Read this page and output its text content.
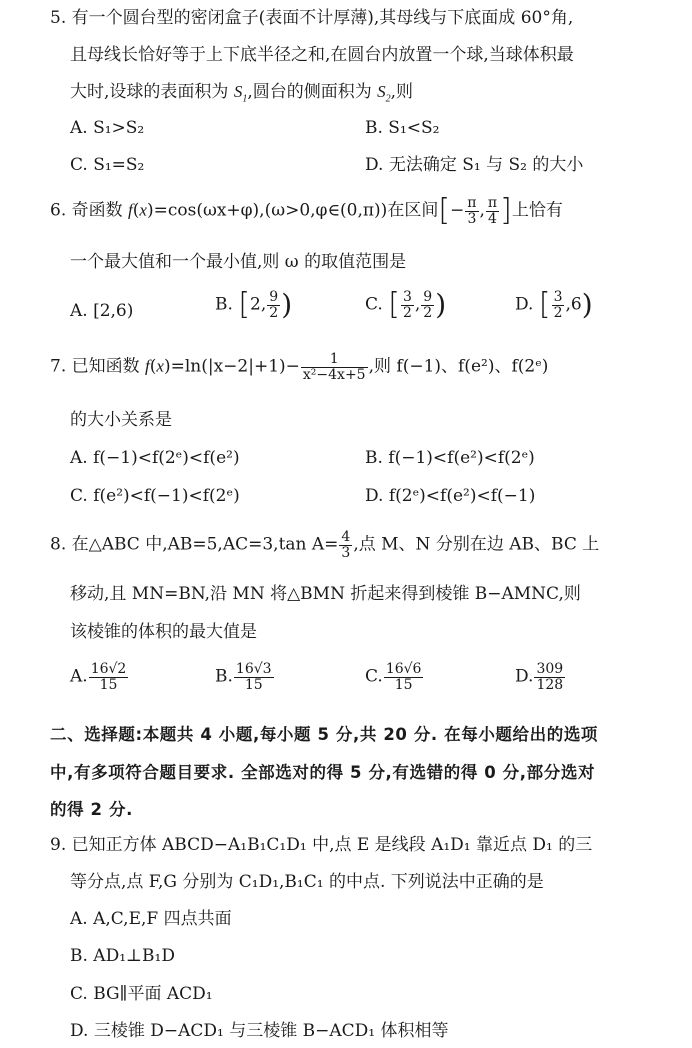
5. 有一个圆台型的密闭盒子(表面不计厚薄),其母线与下底面成 60°角,
且母线长恰好等于上下底半径之和,在圆台内放置一个球,当球体积最
大时,设球的表面积为 $S_1$,圆台的侧面积为 $S_2$,则
A. S₁>S₂	B. S₁<S₂
C. S₁=S₂	D. 无法确定 S₁ 与 S₂ 的大小
6. 奇函数 f(x)=cos(ωx+φ),(ω>0,φ∈(0,π))在区间[− $\frac{\pi}{3}$ , $\frac{\pi}{4}$ ]上恰有
一个最大值和一个最小值,则 ω 的取值范围是
A. [2,6)	B. [2, $\frac{9}{2}$ )	C. [ $\frac{3}{2}$ , $\frac{9}{2}$ )	D. [ $\frac{3}{2} ,6$)
7. 已知函数 $f(x)=\ln(|x-2|+1)- \frac{1}{\text{x²−4x+5}}$ ,则 f(−1)、f(e²)、f(2ᵉ)
的大小关系是
A. f(−1)<f(2ᵉ)<f(e²)	B. f(−1)<f(e²)<f(2ᵉ)
C. f(e²)<f(−1)<f(2ᵉ)	D. f(2ᵉ)<f(e²)<f(−1)
8. 在△ABC 中,AB=5,AC=3,tan $A= \frac{4}{3}$ ,点 M、N 分别在边 AB、BC 上
移动,且 MN=BN,沿 MN 将△BMN 折起来得到棱锥 B−AMNC,则
该棱锥的体积的最大值是
A. $\frac{16√2}{15}$	B. $\frac{16√3}{15}$	C. $\frac{16√6}{15}$	D. $\frac{309}{128}$
二、选择题:本题共 4 小题,每小题 5 分,共 20 分. 在每小题给出的选项
中,有多项符合题目要求. 全部选对的得 5 分,有选错的得 0 分,部分选对
的得 2 分.
9. 已知正方体 ABCD−A₁B₁C₁D₁ 中,点 E 是线段 A₁D₁ 靠近点 D₁ 的三
等分点,点 F,G 分别为 C₁D₁,B₁C₁ 的中点. 下列说法中正确的是
A. A,C,E,F 四点共面
B. AD₁⊥B₁D
C. BG∥平面 ACD₁
D. 三棱锥 D−ACD₁ 与三棱锥 B−ACD₁ 体积相等
